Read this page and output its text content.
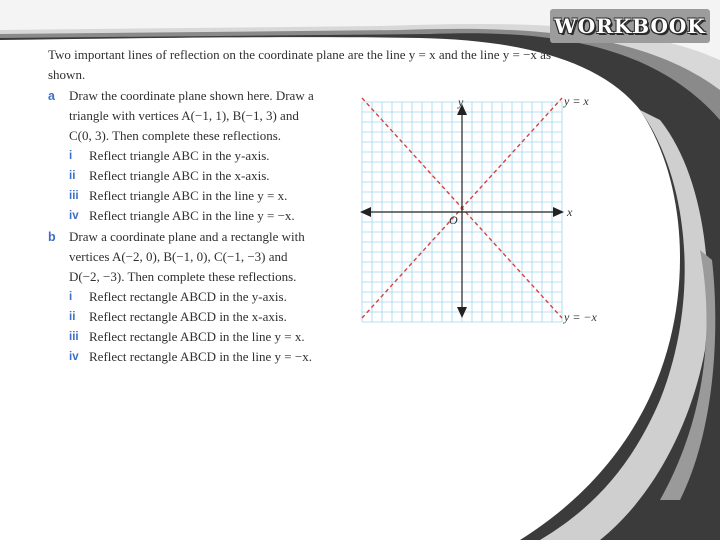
WORKBOOK
Two important lines of reflection on the coordinate plane are the line y = x and the line y = −x as
shown.
a Draw the coordinate plane shown here. Draw a
triangle with vertices A(−1, 1), B(−1, 3) and
C(0, 3). Then complete these reflections.
i Reflect triangle ABC in the y-axis.
ii Reflect triangle ABC in the x-axis.
iii Reflect triangle ABC in the line y = x.
iv Reflect triangle ABC in the line y = −x.
b Draw a coordinate plane and a rectangle with
vertices A(−2, 0), B(−1, 0), C(−1, −3) and
D(−2, −3). Then complete these reflections.
i Reflect rectangle ABCD in the y-axis.
ii Reflect rectangle ABCD in the x-axis.
iii Reflect rectangle ABCD in the line y = x.
iv Reflect rectangle ABCD in the line y = −x.
x
y
O
y = x
y = −x
